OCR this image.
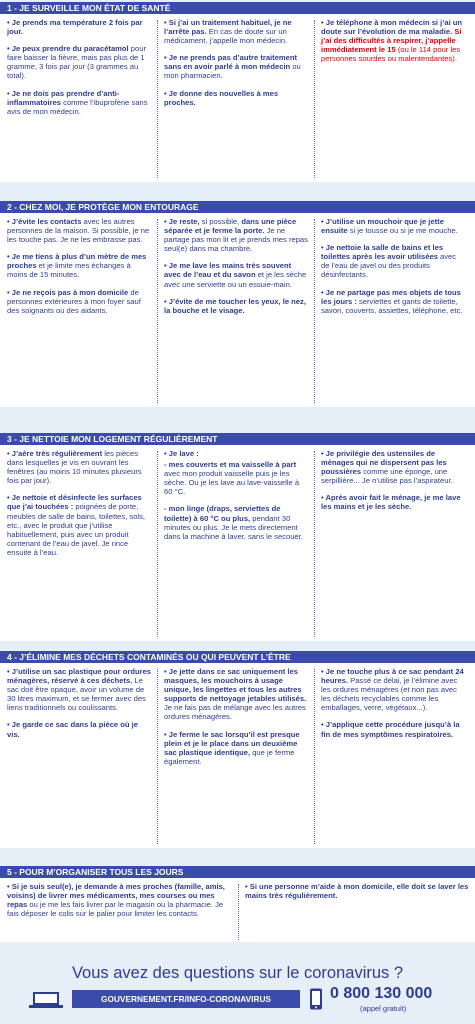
1 - JE SURVEILLE MON ÉTAT DE SANTÉ
• Je prends ma température 2 fois par jour.
• Je peux prendre du paracétamol pour faire baisser la fièvre, mais pas plus de 1 gramme, 3 fois par jour (3 grammes au total).
• Je ne dois pas prendre d’anti-inflammatoires comme l’ibuprofène sans avis de mon médecin.
• Si j’ai un traitement habituel, je ne l’arrête pas. En cas de doute sur un médicament, j’appelle mon médecin.
• Je ne prends pas d’autre traitement sans en avoir parlé à mon médecin ou mon pharmacien.
• Je donne des nouvelles à mes proches.
• Je téléphone à mon médecin si j’ai un doute sur l’évolution de ma maladie. Si j’ai des difficultés à respirer, j’appelle immédiatement le 15 (ou le 114 pour les personnes sourdes ou malentendantes).
2 - CHEZ MOI, JE PROTÈGE MON ENTOURAGE
• J’évite les contacts avec les autres personnes de la maison. Si possible, je ne les touche pas. Je ne les embrasse pas.
• Je me tiens à plus d’un mètre de mes proches et je limite mes échanges à moins de 15 minutes.
• Je ne reçois pas à mon domicile de personnes extérieures à mon foyer sauf des soignants ou des aidants.
• Je reste, si possible, dans une pièce séparée et je ferme la porte. Je ne partage pas mon lit et je prends mes repas seul(e) dans ma chambre.
• Je me lave les mains très souvent avec de l’eau et du savon et je les sèche avec une serviette ou un essuie-main.
• J’évite de me toucher les yeux, le nez, la bouche et le visage.
• J’utilise un mouchoir que je jette ensuite si je tousse ou si je me mouche.
• Je nettoie la salle de bains et les toilettes après les avoir utilisées avec de l’eau de javel ou des produits désinfectants.
• Je ne partage pas mes objets de tous les jours : serviettes et gants de toilette, savon, couverts, assiettes, téléphone, etc.
3 - JE NETTOIE MON LOGEMENT RÉGULIÈREMENT
• J’aère très régulièrement les pièces dans lesquelles je vis en ouvrant les fenêtres (au moins 10 minutes plusieurs fois par jour).
• Je nettoie et désinfecte les surfaces que j’ai touchées : poignées de porte, meubles de salle de bains, toilettes, sols, etc., avec le produit que j’utilise habituellement, puis avec un produit contenant de l’eau de javel. Je rince ensuite à l’eau.
• Je lave :
- mes couverts et ma vaisselle à part avec mon produit vaisselle puis je les sèche. Ou je les lave au lave-vaisselle à 60 °C.
- mon linge (draps, serviettes de toilette) à 60 °C ou plus, pendant 30 minutes ou plus. Je le mets directement dans la machine à laver, sans le secouer.
• Je privilégie des ustensiles de ménages qui ne dispersent pas les poussières comme une éponge, une serpillière... Je n’utilise pas l’aspirateur.
• Après avoir fait le ménage, je me lave les mains et je les sèche.
4 - J’ÉLIMINE MES DÉCHETS CONTAMINÉS OU QUI PEUVENT L’ÊTRE
• J’utilise un sac plastique pour ordures ménagères, réservé à ces déchets. Le sac doit être opaque, avoir un volume de 30 litres maximum, et se fermer avec des liens traditionnels ou coulissants.
• Je garde ce sac dans la pièce où je vis.
• Je jette dans ce sac uniquement les masques, les mouchoirs à usage unique, les lingettes et tous les autres supports de nettoyage jetables utilisés. Je ne fais pas de mélange avec les autres ordures ménagères.
• Je ferme le sac lorsqu’il est presque plein et je le place dans un deuxième sac plastique identique, que je ferme également.
• Je ne touche plus à ce sac pendant 24 heures. Passé ce délai, je l’élimine avec les ordures ménagères (et non pas avec les déchets recyclables comme les emballages, verre, végétaux...).
• J’applique cette procédure jusqu’à la fin de mes symptômes respiratoires.
5 - POUR M’ORGANISER TOUS LES JOURS
• Si je suis seul(e), je demande à mes proches (famille, amis, voisins) de livrer mes médicaments, mes courses ou mes repas ou je me les fais livrer par le magasin ou la pharmacie. Je fais déposer le colis sur le palier pour limiter les contacts.
• Si une personne m’aide à mon domicile, elle doit se laver les mains très régulièrement.
Vous avez des questions sur le coronavirus ?
GOUVERNEMENT.FR/INFO-CORONAVIRUS	0 800 130 000
(appel gratuit)
